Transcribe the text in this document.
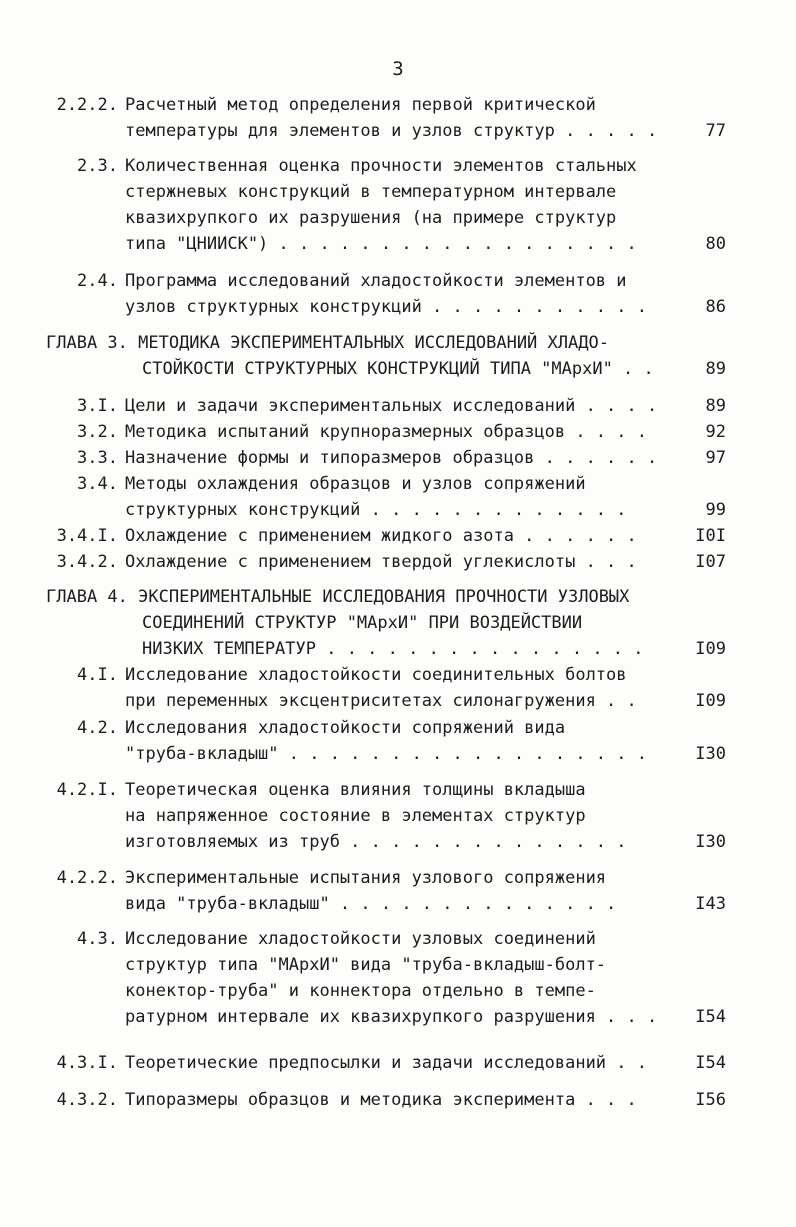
3
2.2.2. Расчетный метод определения первой критической
температуры для элементов и узлов структур . . . . .	77
2.3. Количественная оценка прочности элементов стальных
стержневых конструкций в температурном интервале
квазихрупкого их разрушения (на примере структур
типа "ЦНИИСК") . . . . . . . . . . . . . . . . . .	80
2.4. Программа исследований хладостойкости элементов и
узлов структурных конструкций . . . . . . . . . . .	86
ГЛАВА 3. МЕТОДИКА ЭКСПЕРИМЕНТАЛЬНЫХ ИССЛЕДОВАНИЙ ХЛАДО-
СТОЙКОСТИ СТРУКТУРНЫХ КОНСТРУКЦИЙ ТИПА "МАрхИ" . .	89
3.I. Цели и задачи экспериментальных исследований . . . .	89
3.2. Методика испытаний крупноразмерных образцов . . . .	92
3.3. Назначение формы и типоразмеров образцов . . . . . .	97
3.4. Методы охлаждения образцов и узлов сопряжений
структурных конструкций . . . . . . . . . . . . .	99
3.4.I. Охлаждение с применением жидкого азота . . . . . .	I0I
3.4.2. Охлаждение с применением твердой углекислоты . . .	I07
ГЛАВА 4. ЭКСПЕРИМЕНТАЛЬНЫЕ ИССЛЕДОВАНИЯ ПРОЧНОСТИ УЗЛОВЫХ
СОЕДИНЕНИЙ СТРУКТУР "МАрхИ" ПРИ ВОЗДЕЙСТВИИ
НИЗКИХ ТЕМПЕРАТУР . . . . . . . . . . . . . . . .	I09
4.I. Исследование хладостойкости соединительных болтов
при переменных эксцентриситетах силонагружения . .	I09
4.2. Исследования хладостойкости сопряжений вида
"труба-вкладыш" . . . . . . . . . . . . . . . . . .	I30
4.2.I. Теоретическая оценка влияния толщины вкладыша
на напряженное состояние в элементах структур
изготовляемых из труб . . . . . . . . . . . . . .	I30
4.2.2. Экспериментальные испытания узлового сопряжения
вида "труба-вкладыш" . . . . . . . . . . . . . .	I43
4.3. Исследование хладостойкости узловых соединений
структур типа "МАрхИ" вида "труба-вкладыш-болт-
конектор-труба" и коннектора отдельно в темпе-
ратурном интервале их квазихрупкого разрушения . . .	I54
4.3.I. Теоретические предпосылки и задачи исследований . .	I54
4.3.2. Типоразмеры образцов и методика эксперимента . . .	I56
